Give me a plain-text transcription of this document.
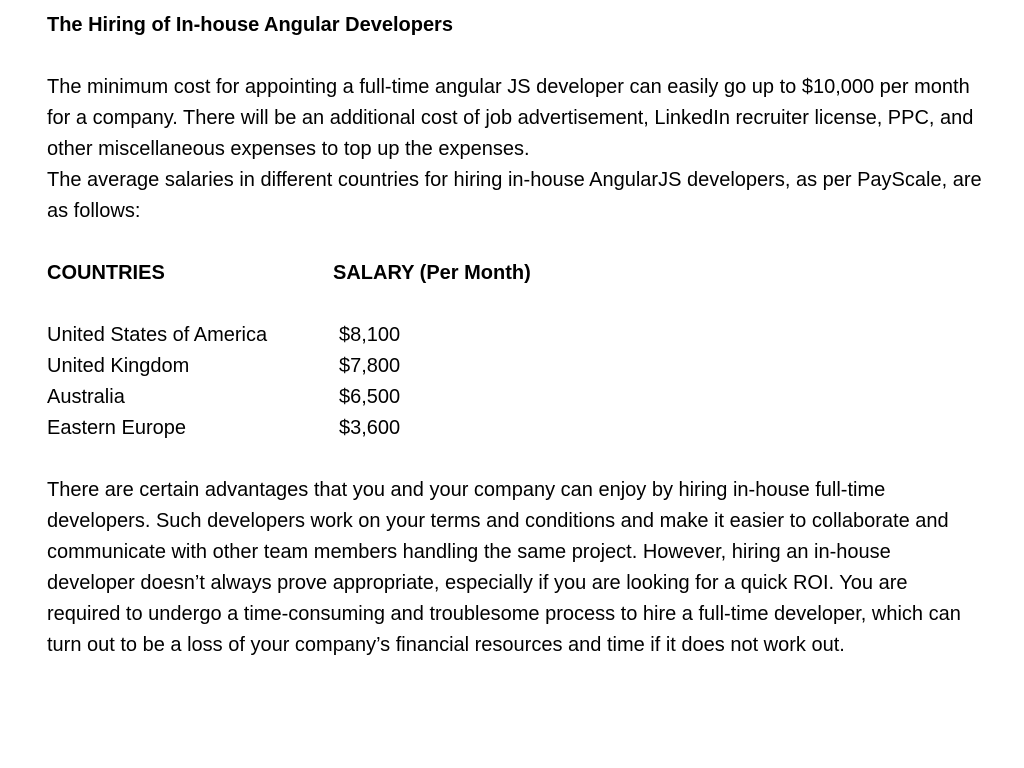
The Hiring of In-house Angular Developers

The minimum cost for appointing a full-time angular JS developer can easily go up to $10,000 per month for a company. There will be an additional cost of job advertisement, LinkedIn recruiter license, PPC, and other miscellaneous expenses to top up the expenses.

The average salaries in different countries for hiring in-house AngularJS developers, as per PayScale, are as follows:

COUNTRIES	SALARY (Per Month)
United States of America	$8,100
United Kingdom	$7,800
Australia	$6,500
Eastern Europe	$3,600

There are certain advantages that you and your company can enjoy by hiring in-house full-time developers. Such developers work on your terms and conditions and make it easier to collaborate and communicate with other team members handling the same project. However, hiring an in-house developer doesn’t always prove appropriate, especially if you are looking for a quick ROI. You are required to undergo a time-consuming and troublesome process to hire a full-time developer, which can turn out to be a loss of your company’s financial resources and time if it does not work out.
